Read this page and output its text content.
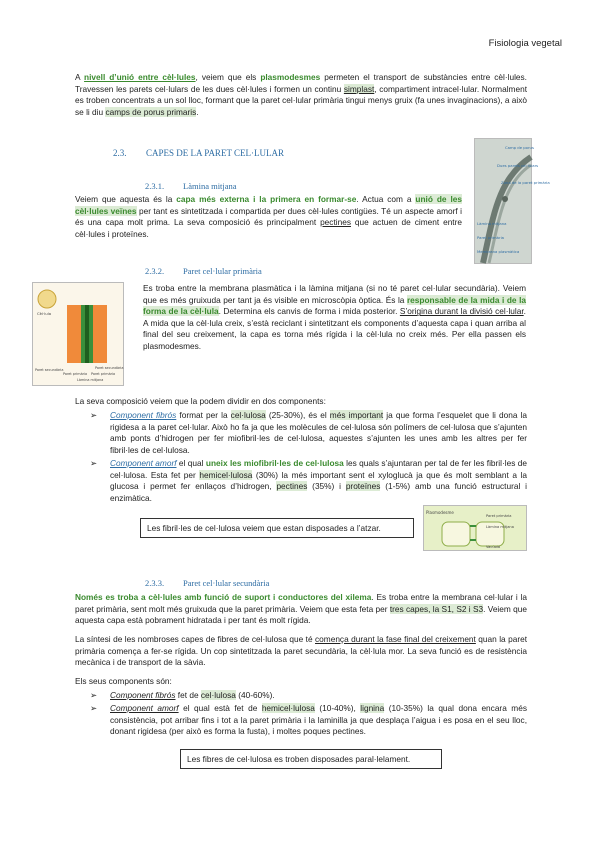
Fisiologia vegetal
A nivell d’unió entre cèl·lules, veiem que els plasmodesmes permeten el transport de substàncies entre cèl·lules. Travessen les parets cel·lulars de les dues cèl·lules i formen un continu simplast, compartiment intracel·lular. Normalment es troben concentrats a un sol lloc, formant que la paret cel·lular primària tingui menys gruix (fa unes invaginacions), a això se li diu camps de porus primaris.
2.3. CAPES DE LA PARET CEL·LULAR
Camp de porus
Dues parets cel·lulars
Zona de la paret primària
Làmina mitjana
Paret primària
Membrana plasmàtica
2.3.1. Làmina mitjana
Veiem que aquesta és la capa més externa i la primera en formar-se. Actua com a unió de les cèl·lules veïnes per tant es sintetitzada i compartida per dues cèl·lules contigües. Té un aspecte amorf i és una capa molt prima. La seva composició és principalment pectines que actuen de ciment entre cèl·lules i proteïnes.
2.3.2. Paret cel·lular primària
Cèl·lula
Paret secundària
Paret primària
Làmina mitjana
Paret primària
Paret secundària
Es troba entre la membrana plasmàtica i la làmina mitjana (si no té paret cel·lular secundària). Veiem que es més gruixuda per tant ja és visible en microscòpia òptica. És la responsable de la mida i de la forma de la cèl·lula. Determina els canvis de forma i mida posterior. S’origina durant la divisió cel·lular. A mida que la cèl·lula creix, s’està reciclant i sintetitzant els components d’aquesta capa i quan arriba al final del seu creixement, la capa es torna més rígida i la cèl·lula no creix més. Per ella passen els plasmodesmes.
La seva composició veiem que la podem dividir en dos components:
➢ Component fibrós format per la cel·lulosa (25-30%), és el més important ja que forma l’esquelet que li dona la rigidesa a la paret cel·lular. Això ho fa ja que les molècules de cel·lulosa són polímers de cel·lulosa que s’ajunten amb ponts d’hidrogen per fer miofibril·les de cel·lulosa, aquestes s’ajunten les unes amb les altres per fer fibril·les de cel·lulosa.
➢ Component amorf el qual uneix les miofibril·les de cel·lulosa les quals s’ajuntaran per tal de fer les fibril·les de cel·lulosa. Esta fet per hemicel·lulosa (30%) la més important sent el xyloglucà ja que és molt semblant a la glucosa i permet fer enllaços d’hidrogen, pectines (35%) i proteïnes (1-5%) amb una funció estructural i enzimàtica.
Les fibril·les de cel·lulosa veiem que estan disposades a l’atzar.
Plasmodesme
Paret primària
Làmina mitjana
Vacúola
2.3.3. Paret cel·lular secundària
Només es troba a cèl·lules amb funció de suport i conductores del xilema. Es troba entre la membrana cel·lular i la paret primària, sent molt més gruixuda que la paret primària. Veiem que esta feta per tres capes, la S1, S2 i S3. Veiem que aquesta capa està pobrament hidratada i per tant és molt rígida.
La síntesi de les nombroses capes de fibres de cel·lulosa que té comença durant la fase final del creixement quan la paret primària comença a fer-se rígida. Un cop sintetitzada la paret secundària, la cèl·lula mor. La seva funció es de resistència mecànica i de transport de la sàvia.
Els seus components són:
➢ Component fibrós fet de cel·lulosa (40-60%).
➢ Component amorf el qual està fet de hemicel·lulosa (10-40%), lignina (10-35%) la qual dona encara més consistència, pot arribar fins i tot a la paret primària i la laminilla ja que desplaça l’aigua i es posa en el seu lloc, donant rigidesa (per això es forma la fusta), i moltes poques pectines.
Les fibres de cel·lulosa es troben disposades paral·lelament.
